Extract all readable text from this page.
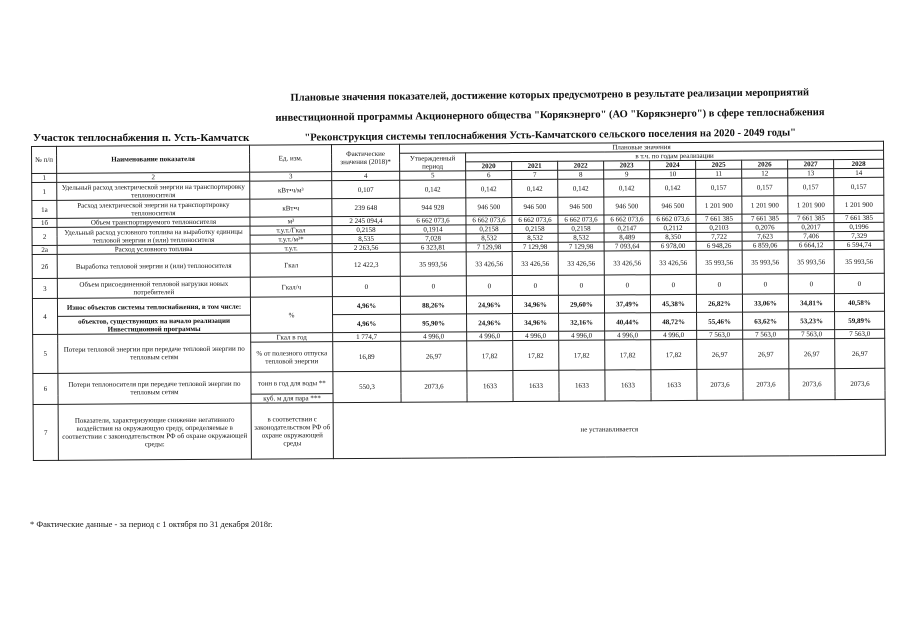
Плановые значения показателей, достижение которых предусмотрено в результате реализации мероприятий
инвестиционной программы Акционерного общества "Корякэнерго" (АО "Корякэнерго") в сфере теплоснабжения
"Реконструкция системы теплоснабжения Усть-Камчатского сельского поселения на 2020 - 2049 годы"
Участок теплоснабжения п. Усть-Камчатск
№ п/п	Наименование показателя	Ед. изм.	Фактические значения (2018)*	Плановые значения									
				Утвержденный период	в т.ч. по годам реализации								
					2020	2021	2022	2023	2024	2025	2026	2027	2028
1	2	3	4	5	6	7	8	9	10	11	12	13	14
1	Удельный расход электрической энергии на транспортировку теплоносителя	кВт•ч/м³	0,107	0,142	0,142	0,142	0,142	0,142	0,142	0,157	0,157	0,157	0,157
1а	Расход электрической энергии на транспортировку теплоносителя	кВт•ч	239 648	944 928	946 500	946 500	946 500	946 500	946 500	1 201 900	1 201 900	1 201 900	1 201 900
1б	Объем транспортируемого теплоносителя	м³	2 245 094,4	6 662 073,6	6 662 073,6	6 662 073,6	6 662 073,6	6 662 073,6	6 662 073,6	7 661 385	7 661 385	7 661 385	7 661 385
2	Удельный расход условного топлива на выработку единицы тепловой энергии и (или) теплоносителя	т.у.т./Гкал	0,2158	0,1914	0,2158	0,2158	0,2158	0,2147	0,2112	0,2103	0,2076	0,2017	0,1996
		т.у.т./м³*	8,535	7,028	8,532	8,532	8,532	8,489	8,350	7,722	7,623	7,406	7,329
2а	Расход условного топлива	т.у.т.	2 263,56	6 323,81	7 129,98	7 129,98	7 129,98	7 093,64	6 978,00	6 948,26	6 859,06	6 664,12	6 594,74
2б	Выработка тепловой энергии и (или) теплоносителя	Гкал	12 422,3	35 993,56	33 426,56	33 426,56	33 426,56	33 426,56	33 426,56	35 993,56	35 993,56	35 993,56	35 993,56
3	Объем присоединенной тепловой нагрузки новых потребителей	Гкал/ч	0	0	0	0	0	0	0	0	0	0	0
4	Износ объектов системы теплоснабжения, в том числе:	%	4,96%	88,26%	24,96%	34,96%	29,60%	37,49%	45,38%	26,82%	33,06%	34,81%	40,58%
	объектов, существующих на начало реализации Инвестиционной программы		4,96%	95,90%	24,96%	34,96%	32,16%	40,44%	48,72%	55,46%	63,62%	53,23%	59,89%
5	Потери тепловой энергии при передаче тепловой энергии по тепловым сетям	Гкал в год	1 774,7	4 996,0	4 996,0	4 996,0	4 996,0	4 996,0	4 996,0	7 563,0	7 563,0	7 563,0	7 563,0
		% от полезного отпуска тепловой энергии	16,89	26,97	17,82	17,82	17,82	17,82	17,82	26,97	26,97	26,97	26,97
6	Потери теплоносителя при передаче тепловой энергии по тепловым сетям	тонн в год для воды **	550,3	2073,6	1633	1633	1633	1633	1633	2073,6	2073,6	2073,6	2073,6
		куб. м для пара ***											
7	Показатели, характеризующие снижение негативного воздействия на окружающую среду, определяемые в соответствии с законодательством РФ об охране окружающей среды:	в соответствии с законодательством РФ об охране окружающей среды	не устанавливается										
* Фактические данные - за период с 1 октября по 31 декабря 2018г.
